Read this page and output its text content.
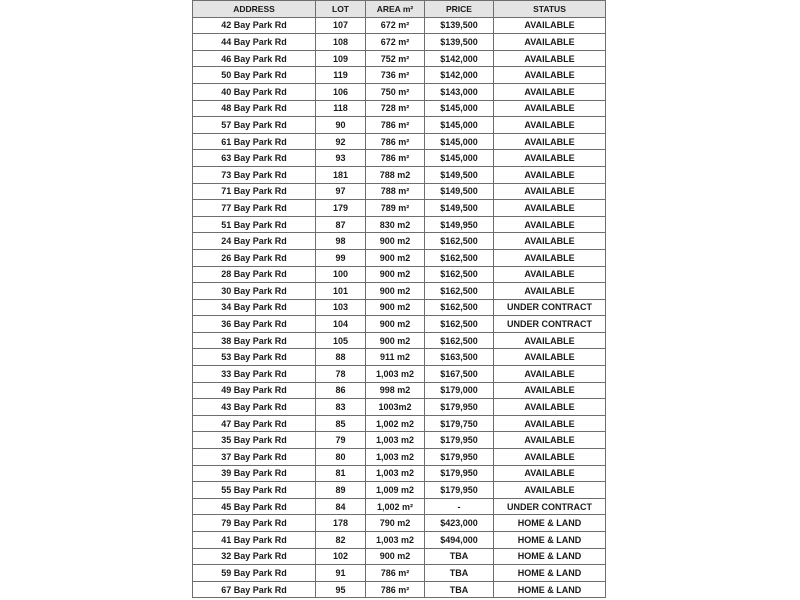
ADDRESS	LOT	AREA m²	PRICE	STATUS
42 Bay Park Rd	107	672 m²	$139,500	AVAILABLE
44 Bay Park Rd	108	672 m²	$139,500	AVAILABLE
46 Bay Park Rd	109	752 m²	$142,000	AVAILABLE
50 Bay Park Rd	119	736 m²	$142,000	AVAILABLE
40 Bay Park Rd	106	750 m²	$143,000	AVAILABLE
48 Bay Park Rd	118	728 m²	$145,000	AVAILABLE
57 Bay Park Rd	90	786 m²	$145,000	AVAILABLE
61 Bay Park Rd	92	786 m²	$145,000	AVAILABLE
63 Bay Park Rd	93	786 m²	$145,000	AVAILABLE
73 Bay Park Rd	181	788 m2	$149,500	AVAILABLE
71 Bay Park Rd	97	788 m²	$149,500	AVAILABLE
77 Bay Park Rd	179	789 m²	$149,500	AVAILABLE
51 Bay Park Rd	87	830 m2	$149,950	AVAILABLE
24 Bay Park Rd	98	900 m2	$162,500	AVAILABLE
26 Bay Park Rd	99	900 m2	$162,500	AVAILABLE
28 Bay Park Rd	100	900 m2	$162,500	AVAILABLE
30 Bay Park Rd	101	900 m2	$162,500	AVAILABLE
34 Bay Park Rd	103	900 m2	$162,500	UNDER CONTRACT
36 Bay Park Rd	104	900 m2	$162,500	UNDER CONTRACT
38 Bay Park Rd	105	900 m2	$162,500	AVAILABLE
53 Bay Park Rd	88	911 m2	$163,500	AVAILABLE
33 Bay Park Rd	78	1,003 m2	$167,500	AVAILABLE
49 Bay Park Rd	86	998 m2	$179,000	AVAILABLE
43 Bay Park Rd	83	1003m2	$179,950	AVAILABLE
47 Bay Park Rd	85	1,002 m2	$179,750	AVAILABLE
35 Bay Park Rd	79	1,003 m2	$179,950	AVAILABLE
37 Bay Park Rd	80	1,003 m2	$179,950	AVAILABLE
39 Bay Park Rd	81	1,003 m2	$179,950	AVAILABLE
55 Bay Park Rd	89	1,009 m2	$179,950	AVAILABLE
45 Bay Park Rd	84	1,002 m²	-	UNDER CONTRACT
79 Bay Park Rd	178	790 m2	$423,000	HOME & LAND
41 Bay Park Rd	82	1,003 m2	$494,000	HOME & LAND
32 Bay Park Rd	102	900 m2	TBA	HOME & LAND
59 Bay Park Rd	91	786 m²	TBA	HOME & LAND
67 Bay Park Rd	95	786 m²	TBA	HOME & LAND
